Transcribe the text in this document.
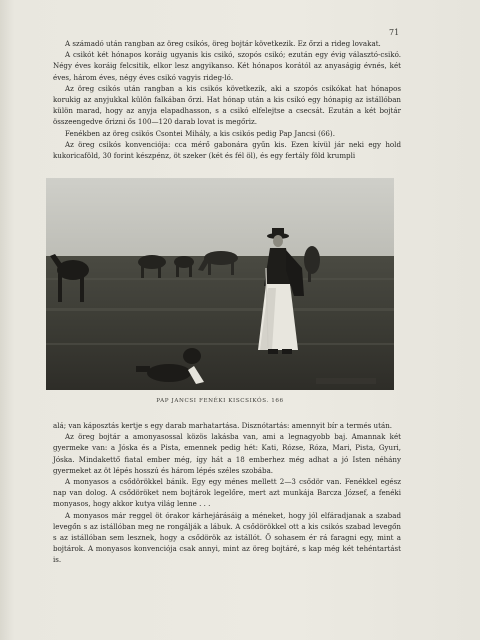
71

A számadó után rangban az öreg csikós, öreg bojtár következik. Ez őrzi a rideg lovakat.

A csikót két hónapos koráig ugyanis kis csikó, szopós csikó; ezután egy évig választó-csikó. Négy éves koráig felcsitik, elkor lesz angyikanso. Két hónapos korától az anyaságig évnés, két éves, három éves, négy éves csikó vagyis rideg-ló.

Az öreg csikós után rangban a kis csikós következik, aki a szopós csikókat hat hónapos korukig az anyjukkal külön falkában őrzi. Hat hónap után a kis csikó egy hónapig az istállóban külön marad, hogy az anyja elapadhasson, s a csikó elfelejtse a csecsát. Ezután a két bojtár összeengedve őrizni ős 100—120 darab lovat is megőriz.

Fenékben az öreg csikós Csontei Mihály, a kis csikós pedig Pap Jancsi (66).

Az öreg csikós konvenciója: cca mérő gabonára gyűn kis. Ezen kívül jár neki egy hold kukoricaföld, 30 forint készpénz, öt szeker (két és fél öl), és egy fertály föld krumpli

PAP JANCSI FENÉKI KISCSIKÓS. 166

alá; van káposztás kertje s egy darab marhatartása. Disznótartás: amennyit bír a termés után.

Az öreg bojtár a amonyasossal közös lakásba van, ami a legnagyobb baj. Amannak két gyermeke van: a Jóska és a Pista, emennek pedig hét: Kati, Rózse, Róza, Mari, Pista, Gyuri, Jóska. Mindakettő fiatal ember még, így hát a 18 emberhez még adhat a jó Isten néhány gyermeket az öt lépés hosszú és három lépés széles szobába.

A monyasos a csődörökkel bánik. Egy egy ménes mellett 2—3 csődör van. Fenékkel egész nap van dolog. A csődöröket nem bojtárok legelőre, mert azt munkája Barcza József, a fenéki monyasos, hogy akkor kutya világ lenne . . .

A monyasos már reggel öt órakor kárhejárásáig a méneket, hogy jól elfáradjanak a szabad levegőn s az istállóban meg ne rongálják a lábuk. A csődörökkel ott a kis csikós szabad levegőn s az istállóban sem lesznek, hogy a csődörök az istállót. Ő sohasem ér rá faragni egy, mint a bojtárok. A monyasos konvenciója csak annyi, mint az öreg bojtáré, s kap még két tehéntartást is.
